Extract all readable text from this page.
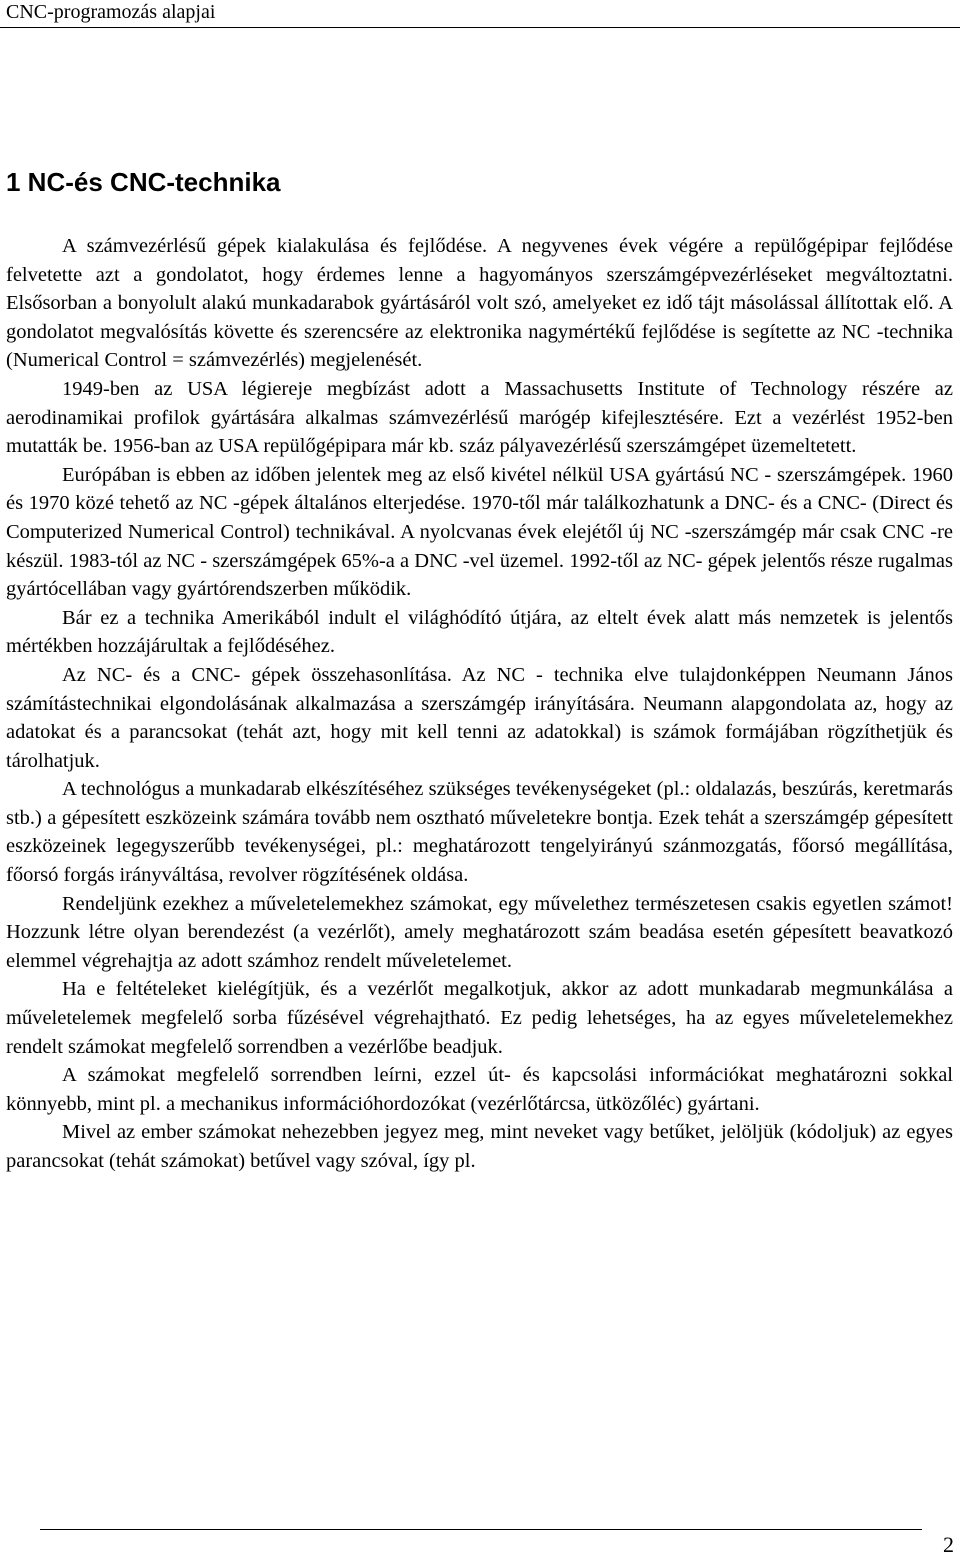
CNC-programozás alapjai
1 NC-és CNC-technika

A számvezérlésű gépek kialakulása és fejlődése. A negyvenes évek végére a repülőgépipar fejlődése felvetette azt a gondolatot, hogy érdemes lenne a hagyományos szerszámgépvezérléseket megváltoztatni. Elsősorban a bonyolult alakú munkadarabok gyártásáról volt szó, amelyeket ez idő tájt másolással állítottak elő. A gondolatot megvalósítás követte és szerencsére az elektronika nagymértékű fejlődése is segítette az NC -technika (Numerical Control = számvezérlés) megjelenését.

1949-ben az USA légiereje megbízást adott a Massachusetts Institute of Technology részére az aerodinamikai profilok gyártására alkalmas számvezérlésű marógép kifejlesztésére. Ezt a vezérlést 1952-ben mutatták be. 1956-ban az USA repülőgépipara már kb. száz pályavezérlésű szerszámgépet üzemeltetett.

Európában is ebben az időben jelentek meg az első kivétel nélkül USA gyártású NC - szerszámgépek. 1960 és 1970 közé tehető az NC -gépek általános elterjedése. 1970-től már találkozhatunk a DNC- és a CNC- (Direct és Computerized Numerical Control) technikával. A nyolcvanas évek elejétől új NC -szerszámgép már csak CNC -re készül. 1983-tól az NC - szerszámgépek 65%-a a DNC -vel üzemel. 1992-től az NC- gépek jelentős része rugalmas gyártócellában vagy gyártórendszerben működik.

Bár ez a technika Amerikából indult el világhódító útjára, az eltelt évek alatt más nemzetek is jelentős mértékben hozzájárultak a fejlődéséhez.

Az NC- és a CNC- gépek összehasonlítása. Az NC - technika elve tulajdonképpen Neumann János számítástechnikai elgondolásának alkalmazása a szerszámgép irányítására. Neumann alapgondolata az, hogy az adatokat és a parancsokat (tehát azt, hogy mit kell tenni az adatokkal) is számok formájában rögzíthetjük és tárolhatjuk.

A technológus a munkadarab elkészítéséhez szükséges tevékenységeket (pl.: oldalazás, beszúrás, keretmarás stb.) a gépesített eszközeink számára tovább nem osztható műveletekre bontja. Ezek tehát a szerszámgép gépesített eszközeinek legegyszerűbb tevékenységei, pl.: meghatározott tengelyirányú szánmozgatás, főorsó megállítása, főorsó forgás irányváltása, revolver rögzítésének oldása.

Rendeljünk ezekhez a műveletelemekhez számokat, egy művelethez természetesen csakis egyetlen számot! Hozzunk létre olyan berendezést (a vezérlőt), amely meghatározott szám beadása esetén gépesített beavatkozó elemmel végrehajtja az adott számhoz rendelt műveletelemet.

Ha e feltételeket kielégítjük, és a vezérlőt megalkotjuk, akkor az adott munkadarab megmunkálása a műveletelemek megfelelő sorba fűzésével végrehajtható. Ez pedig lehetséges, ha az egyes műveletelemekhez rendelt számokat megfelelő sorrendben a vezérlőbe beadjuk.

A számokat megfelelő sorrendben leírni, ezzel út- és kapcsolási információkat meghatározni sokkal könnyebb, mint pl. a mechanikus információhordozókat (vezérlőtárcsa, ütközőléc) gyártani.

Mivel az ember számokat nehezebben jegyez meg, mint neveket vagy betűket, jelöljük (kódoljuk) az egyes parancsokat (tehát számokat) betűvel vagy szóval, így pl.

2
